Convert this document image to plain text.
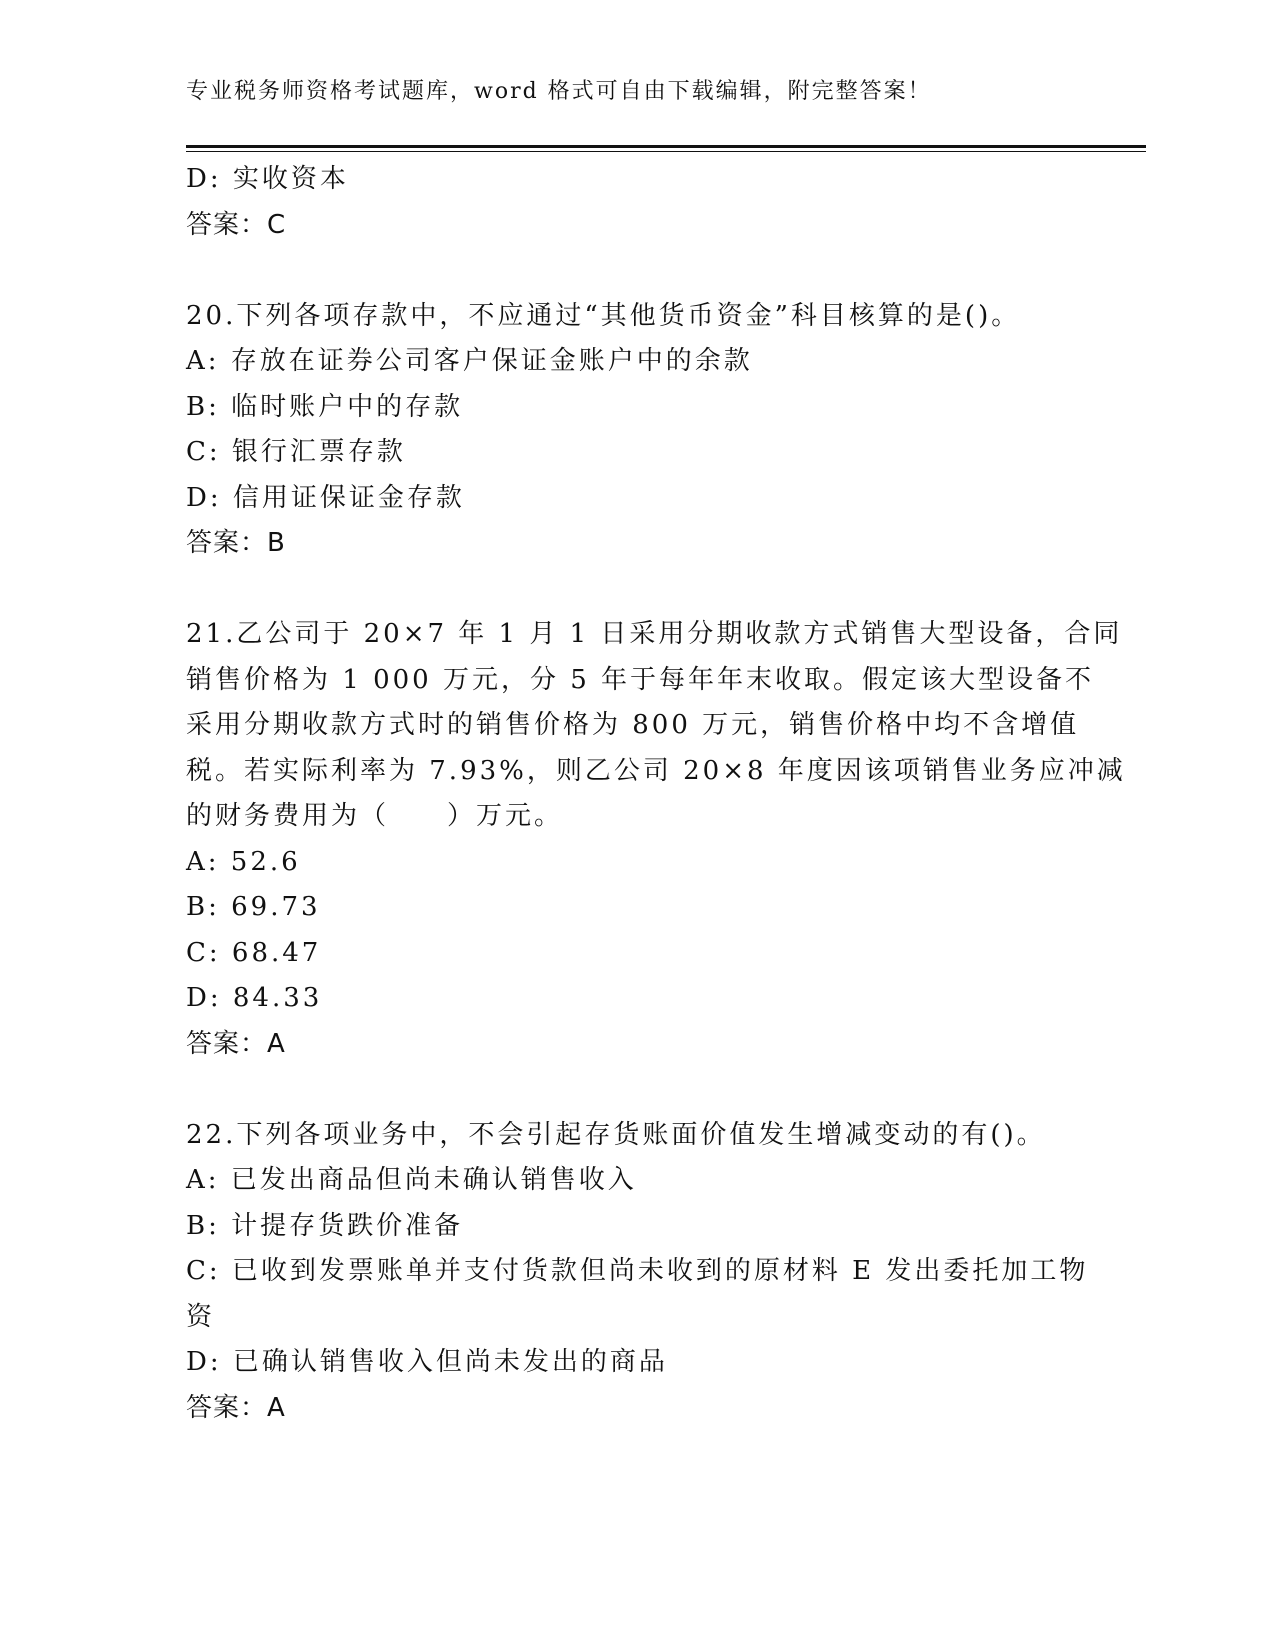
专业税务师资格考试题库，word 格式可自由下载编辑，附完整答案！
D: 实收资本
答案：C
20.下列各项存款中，不应通过“其他货币资金”科目核算的是()。
A: 存放在证券公司客户保证金账户中的余款
B: 临时账户中的存款
C: 银行汇票存款
D: 信用证保证金存款
答案：B
21.乙公司于 20×7 年 1 月 1 日采用分期收款方式销售大型设备，合同
销售价格为 1 000 万元，分 5 年于每年年末收取。假定该大型设备不
采用分期收款方式时的销售价格为 800 万元，销售价格中均不含增值
税。若实际利率为 7.93%，则乙公司 20×8 年度因该项销售业务应冲减
的财务费用为（　　）万元。
A: 52.6
B: 69.73
C: 68.47
D: 84.33
答案：A
22.下列各项业务中，不会引起存货账面价值发生增减变动的有()。
A: 已发出商品但尚未确认销售收入
B: 计提存货跌价准备
C: 已收到发票账单并支付货款但尚未收到的原材料 E 发出委托加工物
资
D: 已确认销售收入但尚未发出的商品
答案：A
